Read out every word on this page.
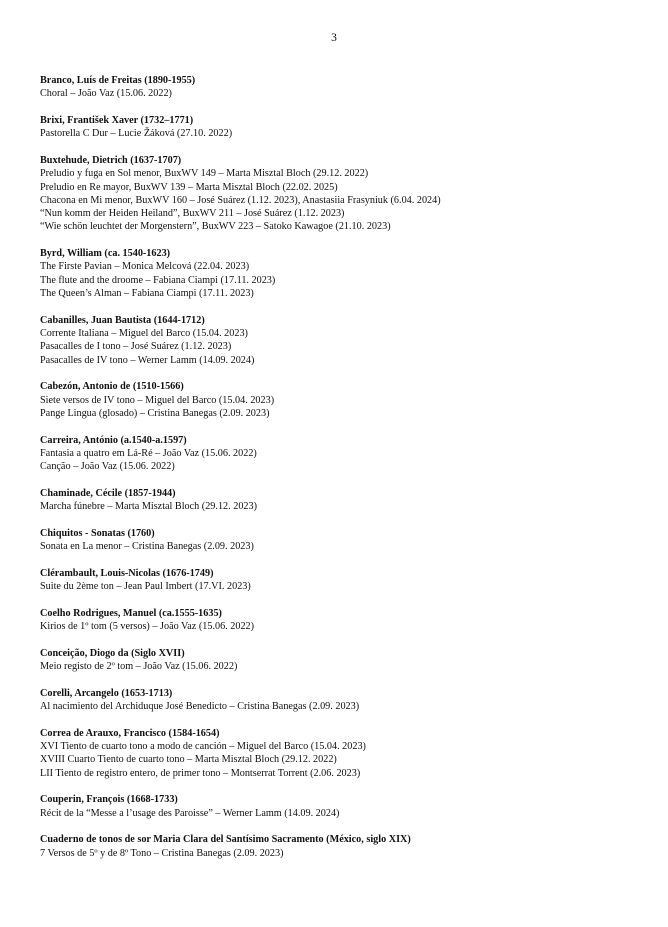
3
Branco, Luís de Freitas (1890-1955)
Choral – João Vaz (15.06. 2022)
Brixi, František Xaver (1732–1771)
Pastorella C Dur – Lucie Žáková (27.10. 2022)
Buxtehude, Dietrich (1637-1707)
Preludio y fuga en Sol menor, BuxWV 149 – Marta Misztal Bloch (29.12. 2022)
Preludio en Re mayor, BuxWV 139 – Marta Misztal Bloch (22.02. 2025)
Chacona en Mi menor, BuxWV 160 – José Suárez (1.12. 2023), Anastasiia Frasyniuk (6.04. 2024)
“Nun komm der Heiden Heiland”, BuxWV 211 – José Suárez (1.12. 2023)
“Wie schön leuchtet der Morgenstern”, BuxWV 223 – Satoko Kawagoe (21.10. 2023)
Byrd, William (ca. 1540-1623)
The Firste Pavian – Monica Melcová (22.04. 2023)
The flute and the droome – Fabiana Ciampi (17.11. 2023)
The Queen’s Alman – Fabiana Ciampi (17.11. 2023)
Cabanilles, Juan Bautista (1644-1712)
Corrente Italiana – Miguel del Barco (15.04. 2023)
Pasacalles de I tono – José Suárez (1.12. 2023)
Pasacalles de IV tono – Werner Lamm (14.09. 2024)
Cabezón, Antonio de (1510-1566)
Siete versos de IV tono – Miguel del Barco (15.04. 2023)
Pange Lingua (glosado) – Cristina Banegas (2.09. 2023)
Carreira, António (a.1540-a.1597)
Fantasia a quatro em Lá-Ré – João Vaz (15.06. 2022)
Canção – João Vaz (15.06. 2022)
Chaminade, Cécile (1857-1944)
Marcha fúnebre – Marta Misztal Bloch (29.12. 2023)
Chiquitos - Sonatas (1760)
Sonata en La menor – Cristina Banegas (2.09. 2023)
Clérambault, Louis-Nicolas (1676-1749)
Suite du 2ème ton – Jean Paul Imbert (17.VI. 2023)
Coelho Rodrigues, Manuel (ca.1555-1635)
Kirios de 1º tom (5 versos) – João Vaz (15.06. 2022)
Conceição, Diogo da (Siglo XVII)
Meio registo de 2º tom – João Vaz (15.06. 2022)
Corelli, Arcangelo (1653-1713)
Al nacimiento del Archiduque José Benedicto – Cristina Banegas (2.09. 2023)
Correa de Arauxo, Francisco (1584-1654)
XVI Tiento de cuarto tono a modo de canción – Miguel del Barco (15.04. 2023)
XVIII Cuarto Tiento de cuarto tono – Marta Misztal Bloch (29.12. 2022)
LII Tiento de registro entero, de primer tono – Montserrat Torrent (2.06. 2023)
Couperin, François (1668-1733)
Récit de la “Messe a l’usage des Paroisse” – Werner Lamm (14.09. 2024)
Cuaderno de tonos de sor Maria Clara del Santísimo Sacramento (México, siglo XIX)
7 Versos de 5º y de 8º Tono – Cristina Banegas (2.09. 2023)
